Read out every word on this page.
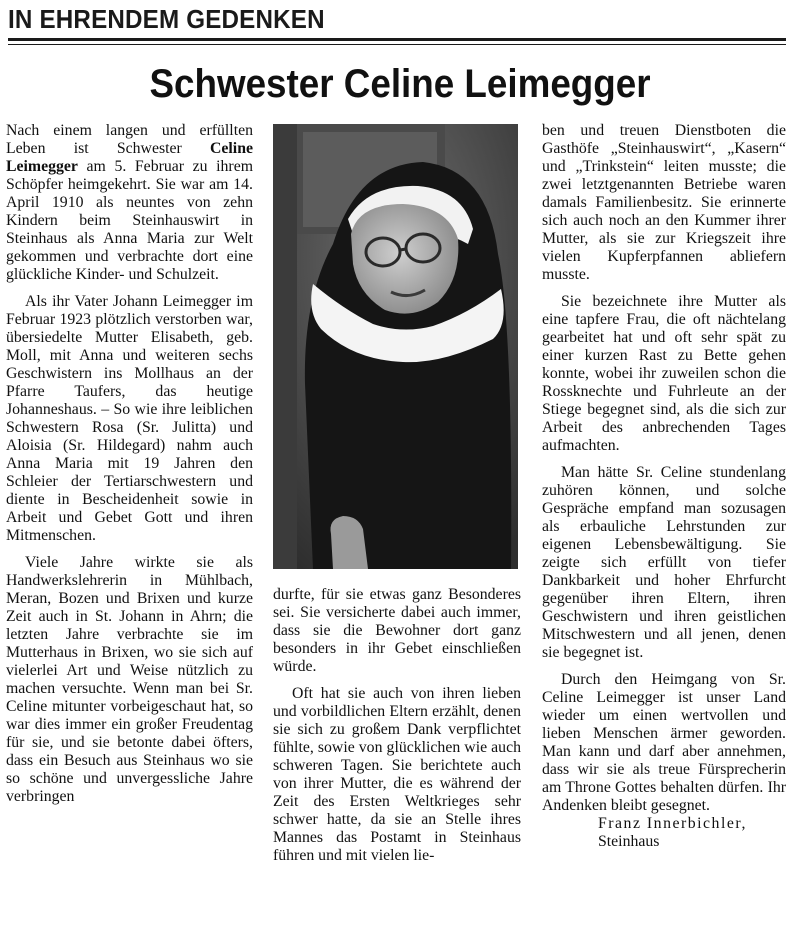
IN EHRENDEM GEDENKEN
Schwester Celine Leimegger

Nach einem langen und erfüllten Leben ist Schwester Celine Leimegger am 5. Februar zu ihrem Schöpfer heimgekehrt. Sie war am 14. April 1910 als neuntes von zehn Kindern beim Steinhauswirt in Steinhaus als Anna Maria zur Welt gekommen und verbrachte dort eine glückliche Kinder- und Schulzeit.

Als ihr Vater Johann Leimegger im Februar 1923 plötzlich verstorben war, übersiedelte Mutter Elisabeth, geb. Moll, mit Anna und weiteren sechs Geschwistern ins Mollhaus an der Pfarre Taufers, das heutige Johanneshaus. – So wie ihre leiblichen Schwestern Rosa (Sr. Julitta) und Aloisia (Sr. Hildegard) nahm auch Anna Maria mit 19 Jahren den Schleier der Tertiarschwestern und diente in Bescheidenheit sowie in Arbeit und Gebet Gott und ihren Mitmenschen.

Viele Jahre wirkte sie als Handwerkslehrerin in Mühlbach, Meran, Bozen und Brixen und kurze Zeit auch in St. Johann in Ahrn; die letzten Jahre verbrachte sie im Mutterhaus in Brixen, wo sie sich auf vielerlei Art und Weise nützlich zu machen versuchte. Wenn man bei Sr. Celine mitunter vorbeigeschaut hat, so war dies immer ein großer Freudentag für sie, und sie betonte dabei öfters, dass ein Besuch aus Steinhaus wo sie so schöne und unvergessliche Jahre verbringen

durfte, für sie etwas ganz Besonderes sei. Sie versicherte dabei auch immer, dass sie die Bewohner dort ganz besonders in ihr Gebet einschließen würde.

Oft hat sie auch von ihren lieben und vorbildlichen Eltern erzählt, denen sie sich zu großem Dank verpflichtet fühlte, sowie von glücklichen wie auch schweren Tagen. Sie berichtete auch von ihrer Mutter, die es während der Zeit des Ersten Weltkrieges sehr schwer hatte, da sie an Stelle ihres Mannes das Postamt in Steinhaus führen und mit vielen lie-

ben und treuen Dienstboten die Gasthöfe „Steinhauswirt“, „Kasern“ und „Trinkstein“ leiten musste; die zwei letztgenannten Betriebe waren damals Familienbesitz. Sie erinnerte sich auch noch an den Kummer ihrer Mutter, als sie zur Kriegszeit ihre vielen Kupferpfannen abliefern musste.

Sie bezeichnete ihre Mutter als eine tapfere Frau, die oft nächtelang gearbeitet hat und oft sehr spät zu einer kurzen Rast zu Bette gehen konnte, wobei ihr zuweilen schon die Rossknechte und Fuhrleute an der Stiege begegnet sind, als die sich zur Arbeit des anbrechenden Tages aufmachten.

Man hätte Sr. Celine stundenlang zuhören können, und solche Gespräche empfand man sozusagen als erbauliche Lehrstunden zur eigenen Lebensbewältigung. Sie zeigte sich erfüllt von tiefer Dankbarkeit und hoher Ehrfurcht gegenüber ihren Eltern, ihren Geschwistern und ihren geistlichen Mitschwestern und all jenen, denen sie begegnet ist.

Durch den Heimgang von Sr. Celine Leimegger ist unser Land wieder um einen wertvollen und lieben Menschen ärmer geworden. Man kann und darf aber annehmen, dass wir sie als treue Fürsprecherin am Throne Gottes behalten dürfen. Ihr Andenken bleibt gesegnet.

Franz Innerbichler,

Steinhaus
